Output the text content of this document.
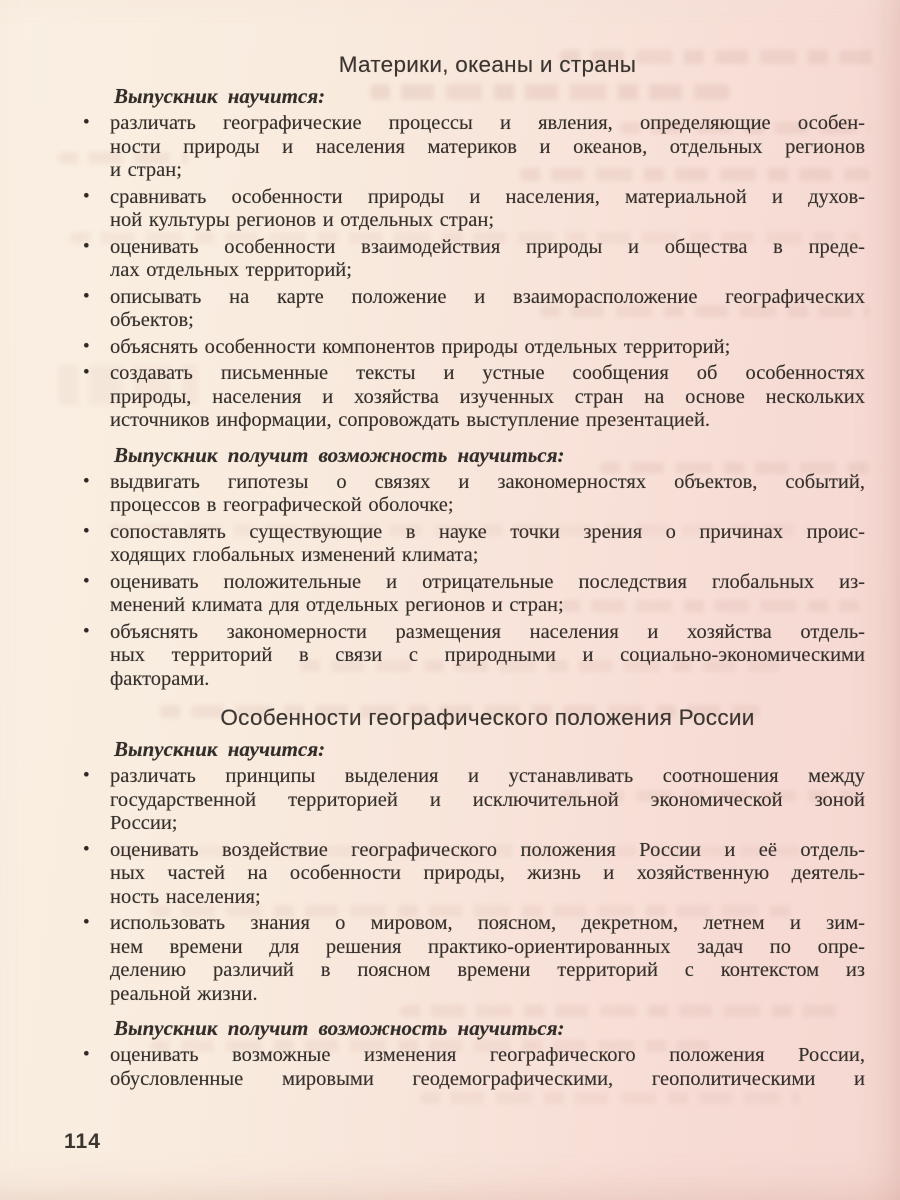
Материки, океаны и страны
Выпускник научится:
• различать географические процессы и явления, определяющие особен-
ности природы и населения материков и океанов, отдельных регионов
и стран;
• сравнивать особенности природы и населения, материальной и духов-
ной культуры регионов и отдельных стран;
• оценивать особенности взаимодействия природы и общества в преде-
лах отдельных территорий;
• описывать на карте положение и взаиморасположение географических
объектов;
• объяснять особенности компонентов природы отдельных территорий;
• создавать письменные тексты и устные сообщения об особенностях
природы, населения и хозяйства изученных стран на основе нескольких
источников информации, сопровождать выступление презентацией.
Выпускник получит возможность научиться:
• выдвигать гипотезы о связях и закономерностях объектов, событий,
процессов в географической оболочке;
• сопоставлять существующие в науке точки зрения о причинах проис-
ходящих глобальных изменений климата;
• оценивать положительные и отрицательные последствия глобальных из-
менений климата для отдельных регионов и стран;
• объяснять закономерности размещения населения и хозяйства отдель-
ных территорий в связи с природными и социально-экономическими
факторами.
Особенности географического положения России
Выпускник научится:
• различать принципы выделения и устанавливать соотношения между
государственной территорией и исключительной экономической зоной
России;
• оценивать воздействие географического положения России и её отдель-
ных частей на особенности природы, жизнь и хозяйственную деятель-
ность населения;
• использовать знания о мировом, поясном, декретном, летнем и зим-
нем времени для решения практико-ориентированных задач по опре-
делению различий в поясном времени территорий с контекстом из
реальной жизни.
Выпускник получит возможность научиться:
• оценивать возможные изменения географического положения России,
обусловленные мировыми геодемографическими, геополитическими и
114
